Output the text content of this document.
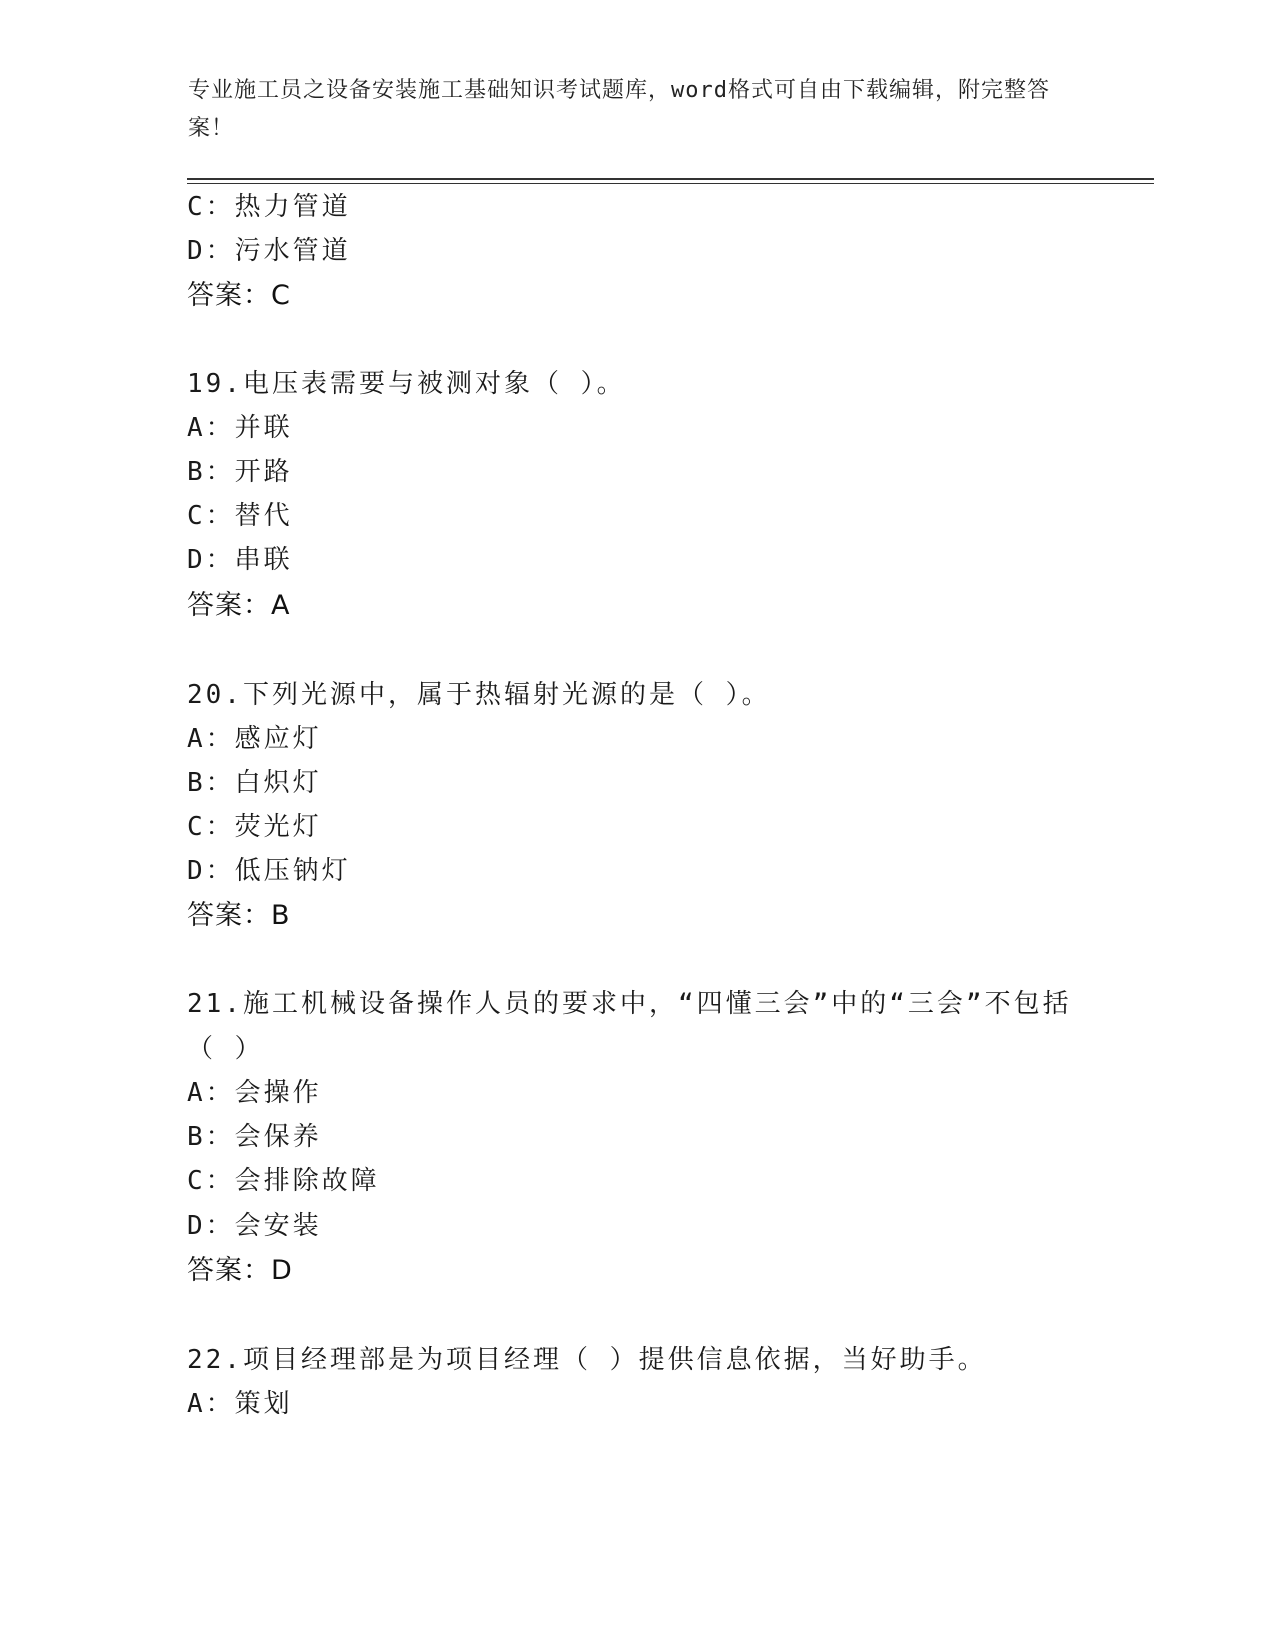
专业施工员之设备安装施工基础知识考试题库，word格式可自由下载编辑，附完整答案！
C：热力管道
D：污水管道
答案：C
19.电压表需要与被测对象（ ）。
A：并联
B：开路
C：替代
D：串联
答案：A
20.下列光源中，属于热辐射光源的是（ ）。
A：感应灯
B：白炽灯
C：荧光灯
D：低压钠灯
答案：B
21.施工机械设备操作人员的要求中，“四懂三会”中的“三会”不包括（ ）
A：会操作
B：会保养
C：会排除故障
D：会安装
答案：D
22.项目经理部是为项目经理（ ）提供信息依据，当好助手。
A：策划
